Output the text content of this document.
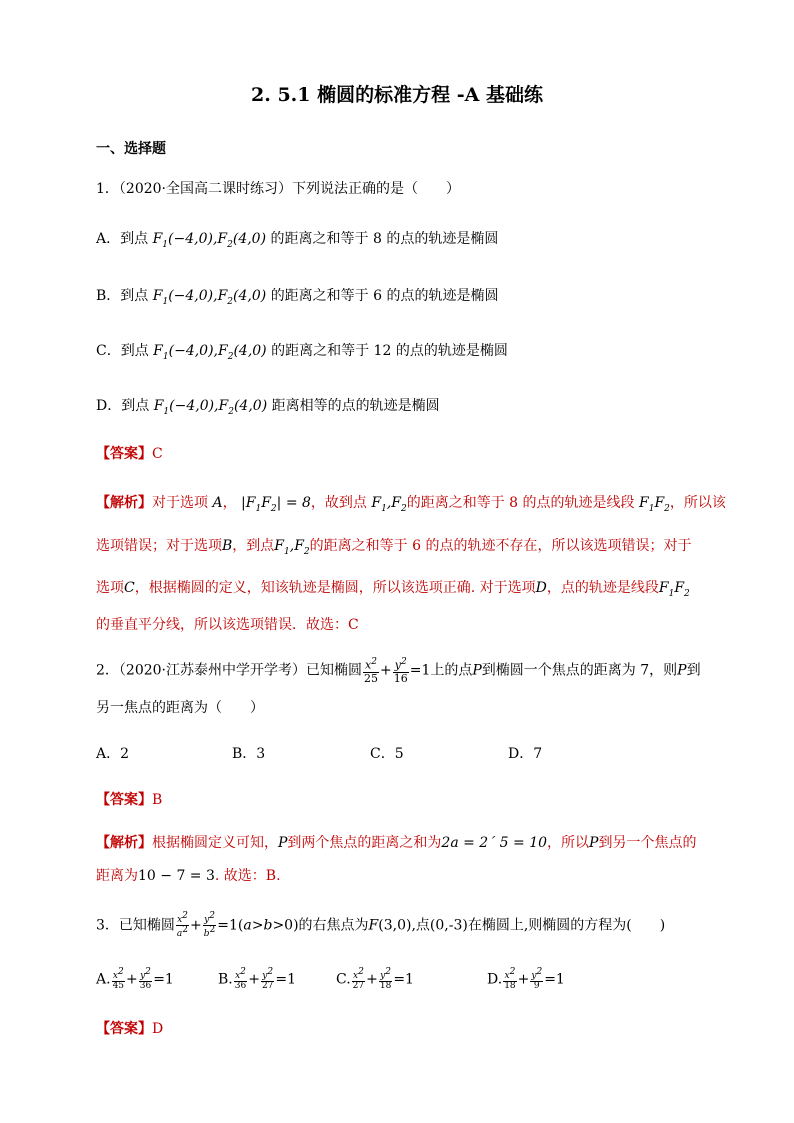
2. 5.1 椭圆的标准方程 -A 基础练
一、选择题
1．（2020·全国高二课时练习）下列说法正确的是（　　）
A．到点 $F_1(-4,0),F_2(4,0)$ 的距离之和等于 8 的点的轨迹是椭圆
B．到点 $F_1(-4,0),F_2(4,0)$ 的距离之和等于 6 的点的轨迹是椭圆
C．到点 $F_1(-4,0),F_2(4,0)$ 的距离之和等于 12 的点的轨迹是椭圆
D．到点 $F_1(-4,0),F_2(4,0)$ 距离相等的点的轨迹是椭圆
【答案】C
【解析】对于选项 A， $|F_1F_2| = 8$，故到点 $F_1,F_2$的距离之和等于 8 的点的轨迹是线段 $F_1F_2$，所以该
选项错误；对于选项B，到点$F_1,F_2$的距离之和等于 6 的点的轨迹不存在，所以该选项错误；对于
选项C，根据椭圆的定义，知该轨迹是椭圆，所以该选项正确. 对于选项D，点的轨迹是线段$F_1F_2$
的垂直平分线，所以该选项错误．故选：C
2．（2020·江苏泰州中学开学考）已知椭圆 $\frac{x^2}{25} + \frac{y^2}{16} =1$上的点P到椭圆一个焦点的距离为 7，则P到
另一焦点的距离为（　　）
A．2	B．3	C．5	D．7
【答案】B
【解析】根据椭圆定义可知，P到两个焦点的距离之和为2a = 2´ 5 = 10，所以P到另一个焦点的
距离为10 − 7 = 3. 故选：B.
3．已知椭圆 $\frac{x^2}{a^2} + \frac{y^2}{b^2} =1(a>b>0)$的右焦点为F(3,0),点(0,-3)在椭圆上,则椭圆的方程为(　　)
A. $\frac{x^2}{45} + \frac{y^2}{36} =1$	B. $\frac{x^2}{36} + \frac{y^2}{27} =1$	C. $\frac{x^2}{27} + \frac{y^2}{18} =1$	D. $\frac{x^2}{18} + \frac{y^2}{9} =1$
【答案】D
